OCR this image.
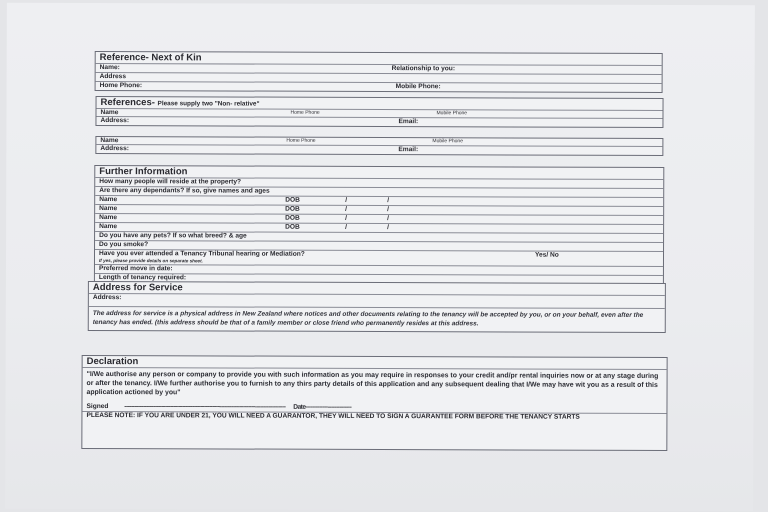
Reference- Next of Kin
Name:	Relationship to you:
Address
Home Phone:	Mobile Phone:
References- Please supply two "Non- relative"
Name	Home Phone	Mobile Phone
Address:	Email:
Name	Home Phone	Mobile Phone
Address:	Email:
Further Information
How many people will reside at the property?
Are there any dependants? If so, give names and ages
Name	DOB	/	/
Name	DOB	/	/
Name	DOB	/	/
Name	DOB	/	/
Do you have any pets? If so what breed? & age
Do you smoke?
Have you ever attended a Tenancy Tribunal hearing or Mediation?	Yes/ No
If yes, please provide details on separate sheet.
Preferred move in date:
Length of tenancy required:
Address for Service
Address:
The address for service is a physical address in New Zealand where notices and other documents relating to the tenancy will be accepted by you, or on your behalf, even after the tenancy has ended. (this address should be that of a family member or close friend who permanently resides at this address.
Declaration
"I/We authorise any person or company to provide you with such information as you may require in responses to your credit and/pr rental inquiries now or at any stage during or after the tenancy. I/We further authorise you to furnish to any thirs party details of this application and any subsequent dealing that I/We may have wit you as a result of this application actioned by you"
Signed ----------------------------------------------------------------------------------------------- Date---------------------------
PLEASE NOTE: IF YOU ARE UNDER 21, YOU WILL NEED A GUARANTOR, THEY WILL NEED TO SIGN A GUARANTEE FORM BEFORE THE TENANCY STARTS
